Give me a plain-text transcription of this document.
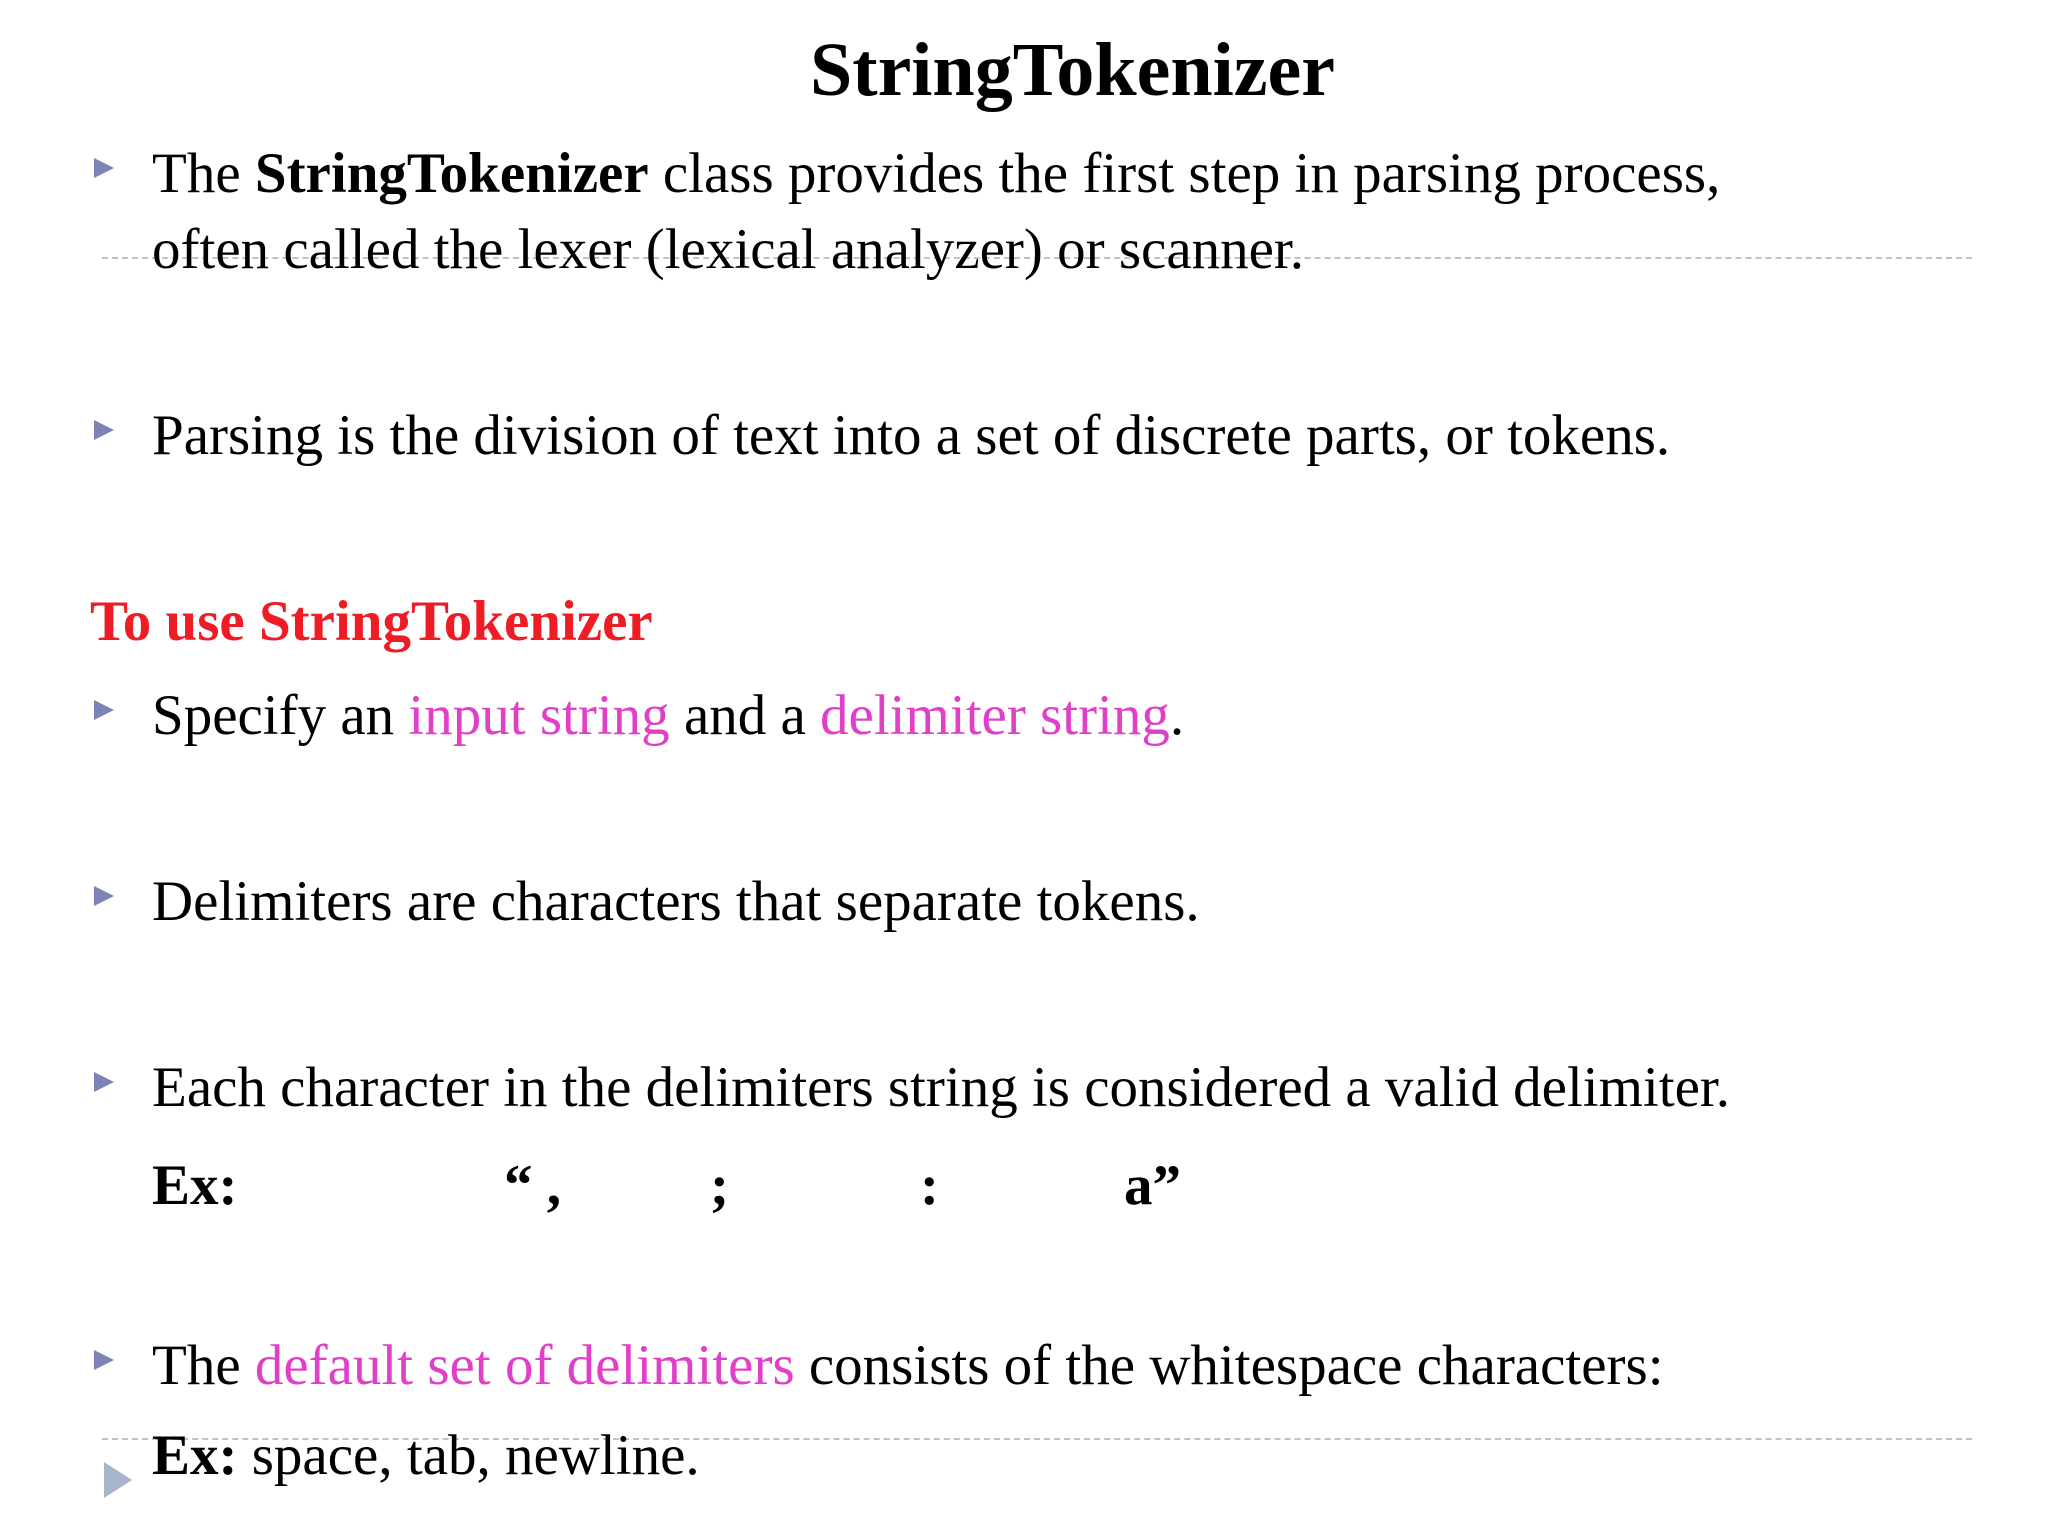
StringTokenizer
The StringTokenizer class provides the first step in parsing process,
often called the lexer (lexical analyzer) or scanner.
Parsing is the division of text into a set of discrete parts, or tokens.
To use StringTokenizer
Specify an input string and a delimiter string.
Delimiters are characters that separate tokens.
Each character in the delimiters string is considered a valid delimiter.
Ex:	“ ,	;	:	a”
The default set of delimiters consists of the whitespace characters:
Ex: space, tab, newline.
